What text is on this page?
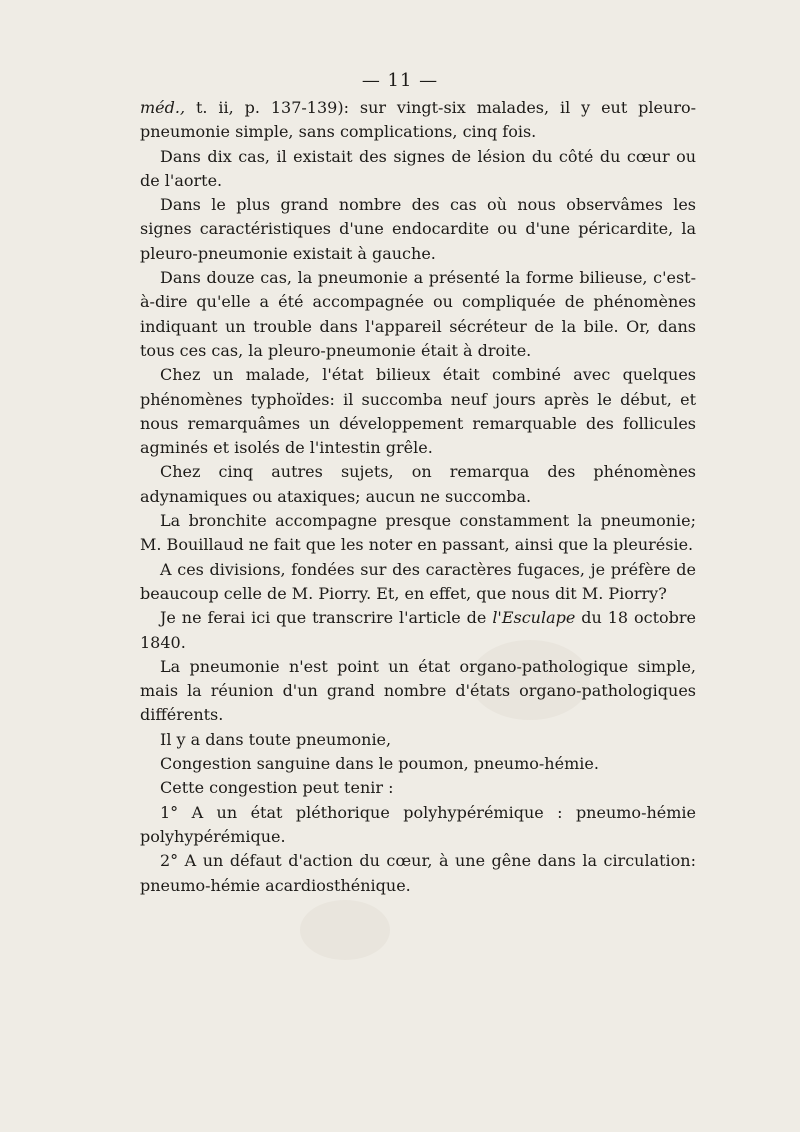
— 11 —

méd., t. ii, p. 137-139): sur vingt-six malades, il y eut pleuro-pneumonie simple, sans complications, cinq fois.

Dans dix cas, il existait des signes de lésion du côté du cœur ou de l'aorte.

Dans le plus grand nombre des cas où nous observâmes les signes caractéristiques d'une endocardite ou d'une péricardite, la pleuro-pneumonie existait à gauche.

Dans douze cas, la pneumonie a présenté la forme bilieuse, c'est-à-dire qu'elle a été accompagnée ou compliquée de phénomènes indiquant un trouble dans l'appareil sécréteur de la bile. Or, dans tous ces cas, la pleuro-pneumonie était à droite.

Chez un malade, l'état bilieux était combiné avec quelques phénomènes typhoïdes: il succomba neuf jours après le début, et nous remarquâmes un développement remarquable des follicules agminés et isolés de l'intestin grêle.

Chez cinq autres sujets, on remarqua des phénomènes adynamiques ou ataxiques; aucun ne succomba.

La bronchite accompagne presque constamment la pneumonie; M. Bouillaud ne fait que les noter en passant, ainsi que la pleurésie.

A ces divisions, fondées sur des caractères fugaces, je préfère de beaucoup celle de M. Piorry. Et, en effet, que nous dit M. Piorry?

Je ne ferai ici que transcrire l'article de l'Esculape du 18 octobre 1840.

La pneumonie n'est point un état organo-pathologique simple, mais la réunion d'un grand nombre d'états organo-pathologiques différents.

Il y a dans toute pneumonie,

Congestion sanguine dans le poumon, pneumo-hémie.

Cette congestion peut tenir :

1° A un état pléthorique polyhypérémique : pneumo-hémie polyhypérémique.

2° A un défaut d'action du cœur, à une gêne dans la circulation: pneumo-hémie acardiosthénique.
